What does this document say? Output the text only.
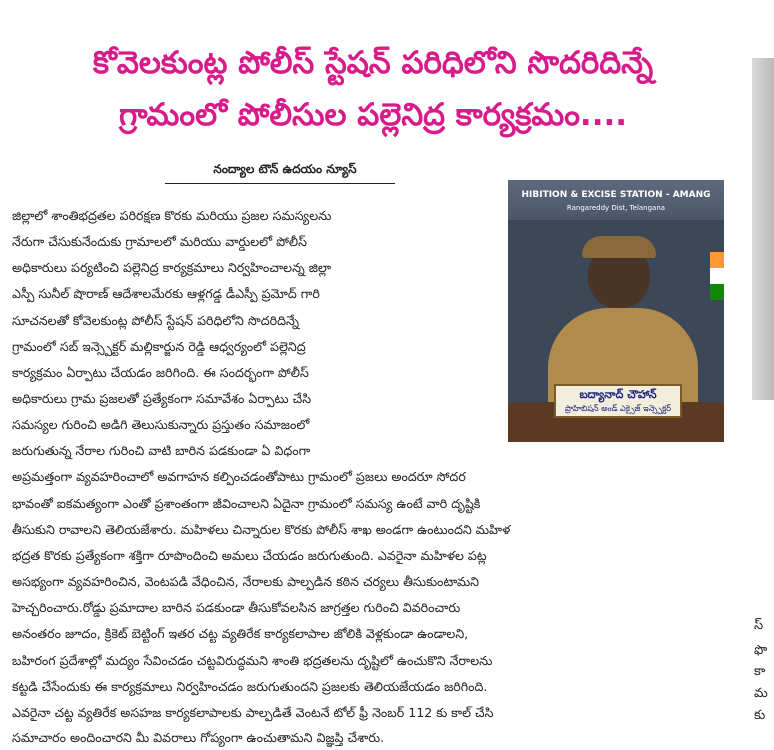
కోవెలకుంట్ల పోలీస్ స్టేషన్ పరిధిలోని సొదరిదిన్నే
గ్రామంలో పోలీసుల పల్లెనిద్ర కార్యక్రమం....
నంద్యాల టౌన్ ఉదయం న్యూస్
HIBITION & EXCISE STATION - AMANG
Rangareddy Dist, Telangana
బద్యానాద్ చౌహాన్
ప్రొహిబిషన్ అండ్ ఎక్సైజ్ ఇన్స్పెక్టర్
జిల్లాలో శాంతిభద్రతల పరిరక్షణ కొరకు మరియు ప్రజల సమస్యలను
నేరుగా చేసుకునేందుకు గ్రామాలలో మరియు వార్డులలో పోలీస్
అధికారులు పర్యటించి పల్లెనిద్ర కార్యక్రమాలు నిర్వహించాలన్న జిల్లా
ఎస్పీ సునీల్ షొరాణ్ ఆదేశాలమేరకు ఆళ్లగడ్డ డీఎస్పీ ప్రమోద్ గారి
సూచనలతో కోవెలకుంట్ల పోలీస్ స్టేషన్ పరిధిలోని సొదరిదిన్నే
గ్రామంలో సబ్ ఇన్స్పెక్టర్ మల్లికార్జున రెడ్డి ఆధ్వర్యంలో పల్లెనిద్ర
కార్యక్రమం ఏర్పాటు చేయడం జరిగింది. ఈ సందర్భంగా పోలీస్
అధికారులు గ్రామ ప్రజలతో ప్రత్యేకంగా సమావేశం ఏర్పాటు చేసి
సమస్యల గురించి అడిగి తెలుసుకున్నారు ప్రస్తుతం సమాజంలో
జరుగుతున్న నేరాల గురించి వాటి బారిన పడకుండా ఏ విధంగా
అప్రమత్తంగా వ్యవహరించాలో అవగాహన కల్పించడంతోపాటు గ్రామంలో ప్రజలు అందరూ సోదర
భావంతో ఐకమత్యంగా ఎంతో ప్రశాంతంగా జీవించాలని ఏదైనా గ్రామంలో సమస్య ఉంటే వారి దృష్టికి
తీసుకుని రావాలని తెలియజేశారు. మహిళలు చిన్నారుల కొరకు పోలీస్ శాఖ అండగా ఉంటుందని మహిళ
భద్రత కొరకు ప్రత్యేకంగా శక్తిగా రూపొందించి అమలు చేయడం జరుగుతుంది. ఎవరైనా మహిళల పట్ల
అసభ్యంగా వ్యవహరించిన, వెంటపడి వేధించిన, నేరాలకు పాల్పడిన కఠిన చర్యలు తీసుకుంటామని
హెచ్చరించారు.రోడ్డు ప్రమాదాల బారిన పడకుండా తీసుకోవలసిన జాగ్రత్తల గురించి వివరించారు
అనంతరం జూదం, క్రికెట్ బెట్టింగ్ ఇతర చట్ట వ్యతిరేక కార్యకలాపాల జోలికి వెళ్లకుండా ఉండాలని,
బహిరంగ ప్రదేశాల్లో మద్యం సేవించడం చట్టవిరుద్ధమని శాంతి భద్రతలను దృష్టిలో ఉంచుకొని నేరాలను
కట్టడి చేసేందుకు ఈ కార్యక్రమాలు నిర్వహించడం జరుగుతుందని ప్రజలకు తెలియజేయడం జరిగింది.
ఎవరైనా చట్ట వ్యతిరేక అసహజ కార్యకలాపాలకు పాల్పడితే వెంటనే టోల్ ఫ్రీ నెంబర్ 112 కు కాల్ చేసి
సమాచారం అందించారని మీ వివరాలు గోప్యంగా ఉంచుతామని విజ్ఞప్తి చేశారు.
స్
ఫొ
కా
మ
కు
